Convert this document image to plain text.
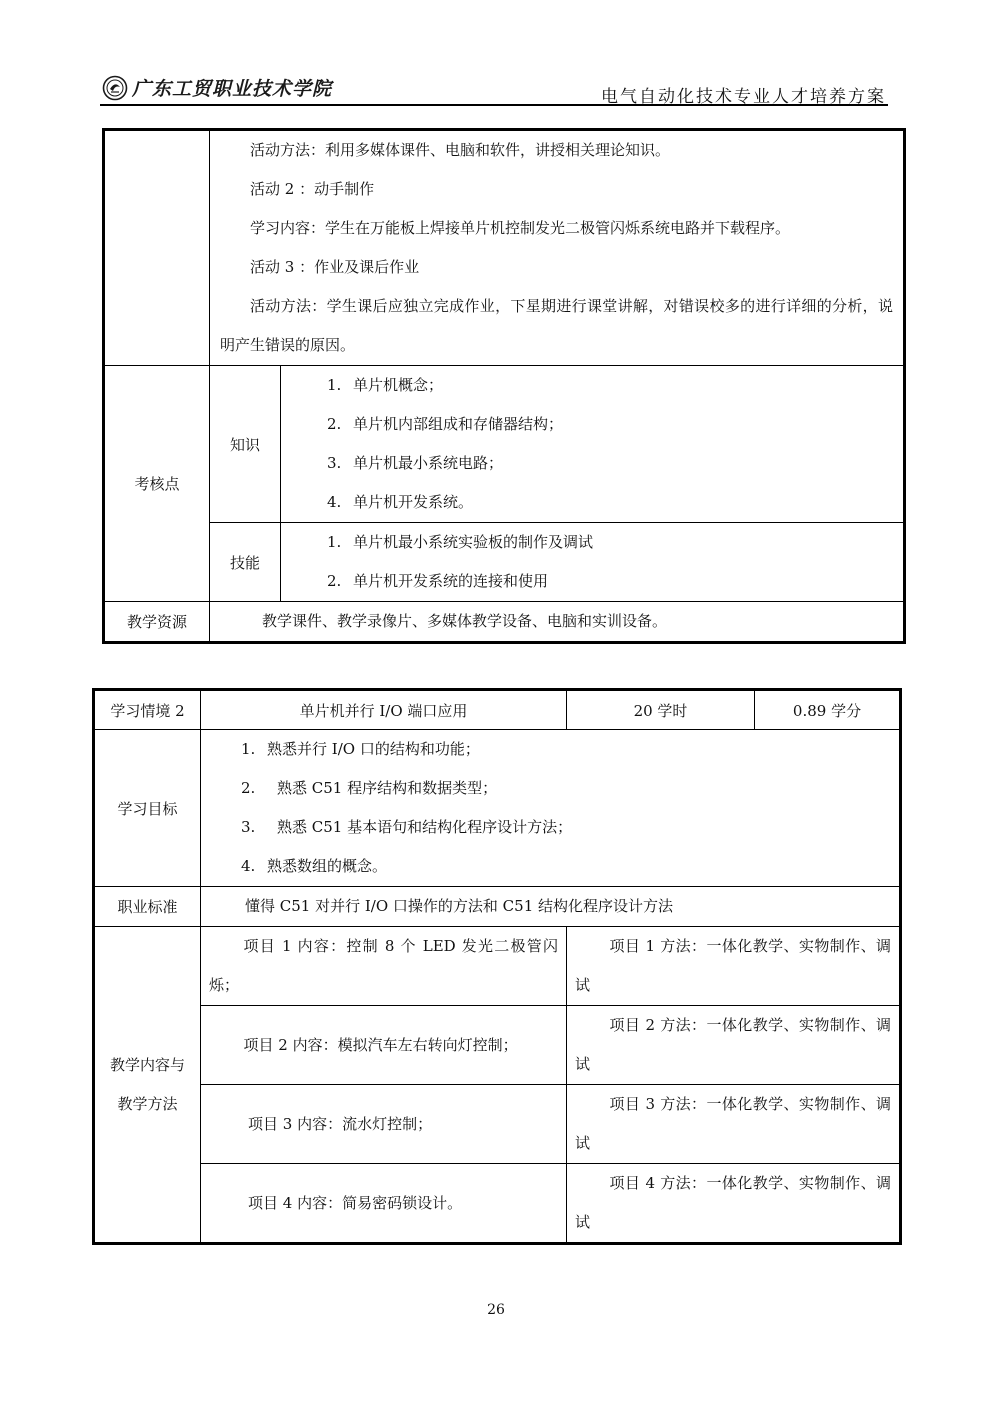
广东工贸职业技术学院	电气自动化技术专业人才培养方案

	活动方法：利用多媒体课件、电脑和软件，讲授相关理论知识。
活动 2 ：动手制作
学习内容：学生在万能板上焊接单片机控制发光二极管闪烁系统电路并下载程序。
活动 3 ：作业及课后作业
活动方法：学生课后应独立完成作业，下星期进行课堂讲解，对错误校多的进行详细的分析，说明产生错误的原因。	

考核点	知识	1. 单片机概念；
2. 单片机内部组成和存储器结构；
3. 单片机最小系统电路；
4. 单片机开发系统。

	技能	1. 单片机最小系统实验板的制作及调试
2. 单片机开发系统的连接和使用

教学资源	教学课件、教学录像片、多媒体教学设备、电脑和实训设备。	
学习情境 2	单片机并行 I/O 端口应用	20 学时	0.89 学分
学习目标	1. 熟悉并行 I/O 口的结构和功能；
2. 熟悉 C51 程序结构和数据类型；
3. 熟悉 C51 基本语句和结构化程序设计方法；
4. 熟悉数组的概念。		

职业标准	懂得 C51 对并行 I/O 口操作的方法和 C51 结构化程序设计方法		

教学内容与
教学方法	项目 1 内容：控制 8 个 LED 发光二极管闪烁；	项目 1 方法：一体化教学、实物制作、调试	

	项目 2 内容：模拟汽车左右转向灯控制；	项目 2 方法：一体化教学、实物制作、调试	

	项目 3 内容：流水灯控制；	项目 3 方法：一体化教学、实物制作、调试	

	项目 4 内容：简易密码锁设计。	项目 4 方法：一体化教学、实物制作、调试	
26
